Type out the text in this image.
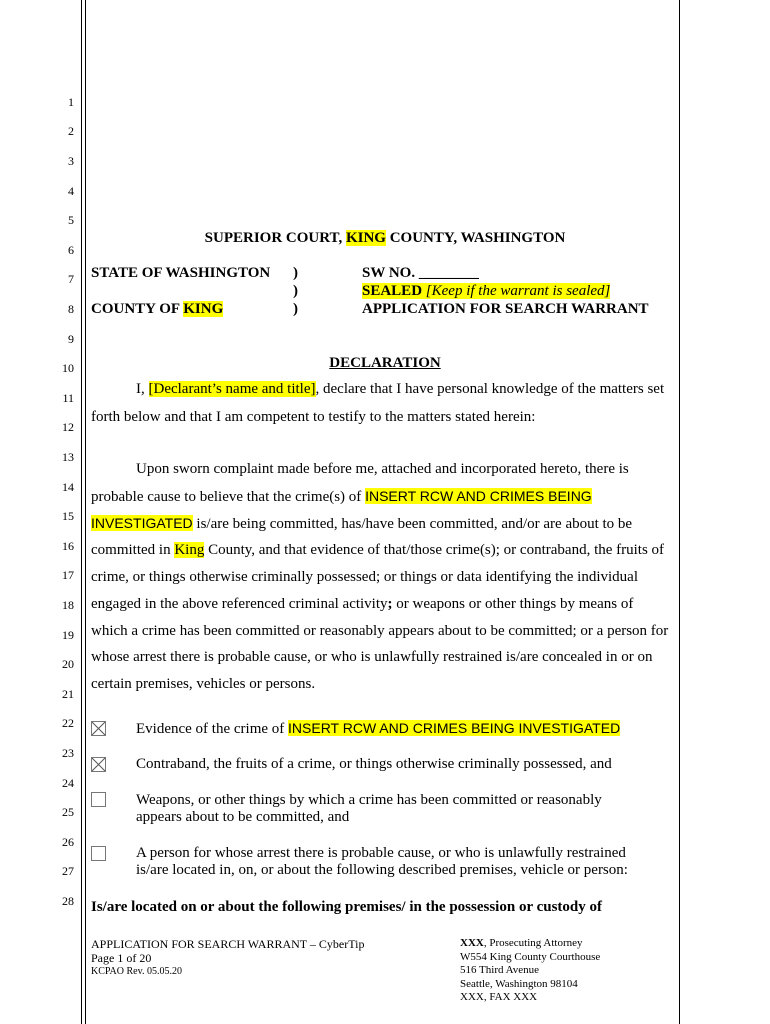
1
2
3
4
5
6
7
8
9
10
11
12
13
14
15
16
17
18
19
20
21
22
23
24
25
26
27
28
SUPERIOR COURT, KING COUNTY, WASHINGTON
STATE OF WASHINGTON
COUNTY OF KING
)
)
)
SW NO. ________
SEALED [Keep if the warrant is sealed]
APPLICATION FOR SEARCH WARRANT
DECLARATION
I, [Declarant’s name and title], declare that I have personal knowledge of the matters set
forth below and that I am competent to testify to the matters stated herein:
Upon sworn complaint made before me, attached and incorporated hereto, there is
probable cause to believe that the crime(s) of INSERT RCW AND CRIMES BEING
INVESTIGATED is/are being committed, has/have been committed, and/or are about to be
committed in King County, and that evidence of that/those crime(s); or contraband, the fruits of
crime, or things otherwise criminally possessed; or things or data identifying the individual
engaged in the above referenced criminal activity; or weapons or other things by means of
which a crime has been committed or reasonably appears about to be committed; or a person for
whose arrest there is probable cause, or who is unlawfully restrained is/are concealed in or on
certain premises, vehicles or persons.
Evidence of the crime of INSERT RCW AND CRIMES BEING INVESTIGATED
Contraband, the fruits of a crime, or things otherwise criminally possessed, and
Weapons, or other things by which a crime has been committed or reasonably
appears about to be committed, and
A person for whose arrest there is probable cause, or who is unlawfully restrained
is/are located in, on, or about the following described premises, vehicle or person:
Is/are located on or about the following premises/ in the possession or custody of
APPLICATION FOR SEARCH WARRANT – CyberTip
Page 1 of 20
KCPAO Rev. 05.05.20
XXX, Prosecuting Attorney
W554 King County Courthouse
516 Third Avenue
Seattle, Washington 98104
XXX, FAX XXX
